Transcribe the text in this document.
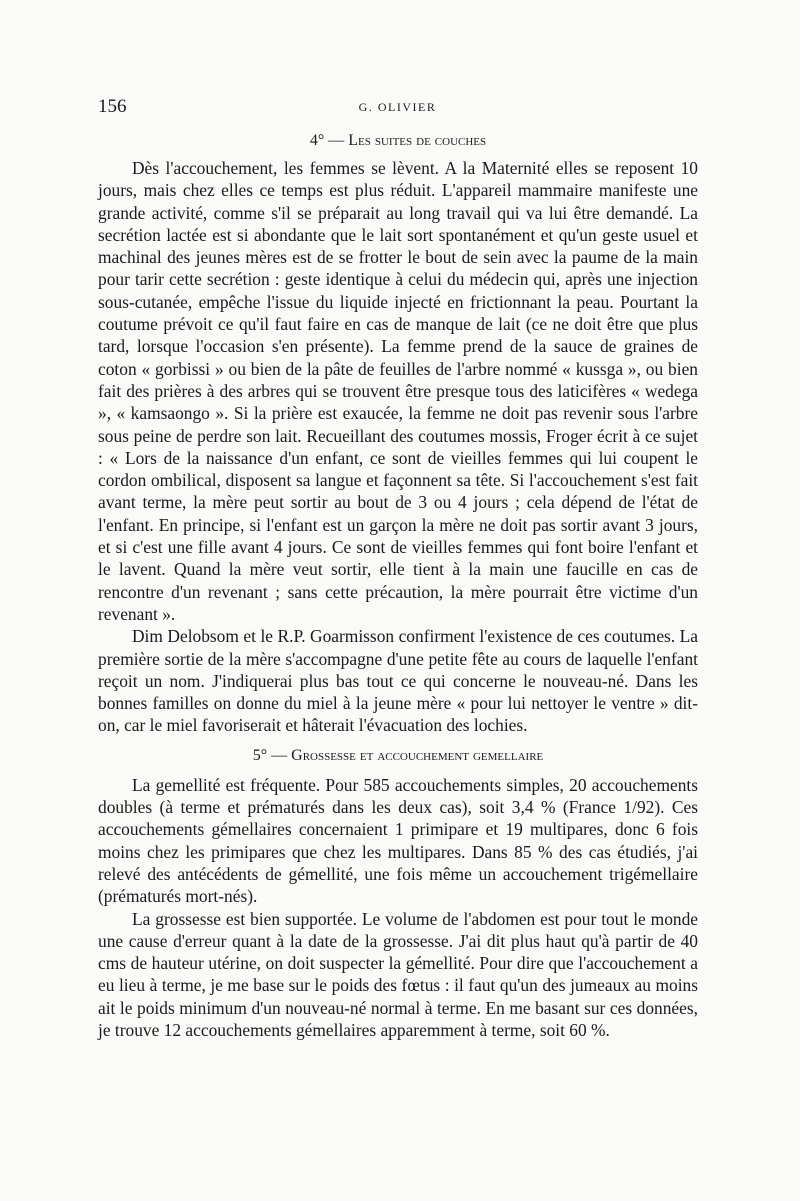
156	G. OLIVIER
4° — Les suites de couches

Dès l'accouchement, les femmes se lèvent. A la Maternité elles se reposent 10 jours, mais chez elles ce temps est plus réduit. L'appareil mammaire manifeste une grande activité, comme s'il se préparait au long travail qui va lui être demandé. La secrétion lactée est si abondante que le lait sort spontanément et qu'un geste usuel et machinal des jeunes mères est de se frotter le bout de sein avec la paume de la main pour tarir cette secrétion : geste identique à celui du médecin qui, après une injection sous-cutanée, empêche l'issue du liquide injecté en frictionnant la peau. Pourtant la coutume prévoit ce qu'il faut faire en cas de manque de lait (ce ne doit être que plus tard, lorsque l'occasion s'en présente). La femme prend de la sauce de graines de coton « gorbissi » ou bien de la pâte de feuilles de l'arbre nommé « kussga », ou bien fait des prières à des arbres qui se trouvent être presque tous des laticifères « wedega », « kamsaongo ». Si la prière est exaucée, la femme ne doit pas revenir sous l'arbre sous peine de perdre son lait. Recueillant des coutumes mossis, Froger écrit à ce sujet : « Lors de la naissance d'un enfant, ce sont de vieilles femmes qui lui coupent le cordon ombilical, disposent sa langue et façonnent sa tête. Si l'accouchement s'est fait avant terme, la mère peut sortir au bout de 3 ou 4 jours ; cela dépend de l'état de l'enfant. En principe, si l'enfant est un garçon la mère ne doit pas sortir avant 3 jours, et si c'est une fille avant 4 jours. Ce sont de vieilles femmes qui font boire l'enfant et le lavent. Quand la mère veut sortir, elle tient à la main une faucille en cas de rencontre d'un revenant ; sans cette précaution, la mère pourrait être victime d'un revenant ».

Dim Delobsom et le R.P. Goarmisson confirment l'existence de ces coutumes. La première sortie de la mère s'accompagne d'une petite fête au cours de laquelle l'enfant reçoit un nom. J'indiquerai plus bas tout ce qui concerne le nouveau-né. Dans les bonnes familles on donne du miel à la jeune mère « pour lui nettoyer le ventre » dit-on, car le miel favoriserait et hâterait l'évacuation des lochies.

5° — Grossesse et accouchement gemellaire

La gemellité est fréquente. Pour 585 accouchements simples, 20 accouchements doubles (à terme et prématurés dans les deux cas), soit 3,4 % (France 1/92). Ces accouchements gémellaires concernaient 1 primipare et 19 multipares, donc 6 fois moins chez les primipares que chez les multipares. Dans 85 % des cas étudiés, j'ai relevé des antécédents de gémellité, une fois même un accouchement trigémellaire (prématurés mort-nés).

La grossesse est bien supportée. Le volume de l'abdomen est pour tout le monde une cause d'erreur quant à la date de la grossesse. J'ai dit plus haut qu'à partir de 40 cms de hauteur utérine, on doit suspecter la gémellité. Pour dire que l'accouchement a eu lieu à terme, je me base sur le poids des fœtus : il faut qu'un des jumeaux au moins ait le poids minimum d'un nouveau-né normal à terme. En me basant sur ces données, je trouve 12 accouchements gémellaires apparemment à terme, soit 60 %.
